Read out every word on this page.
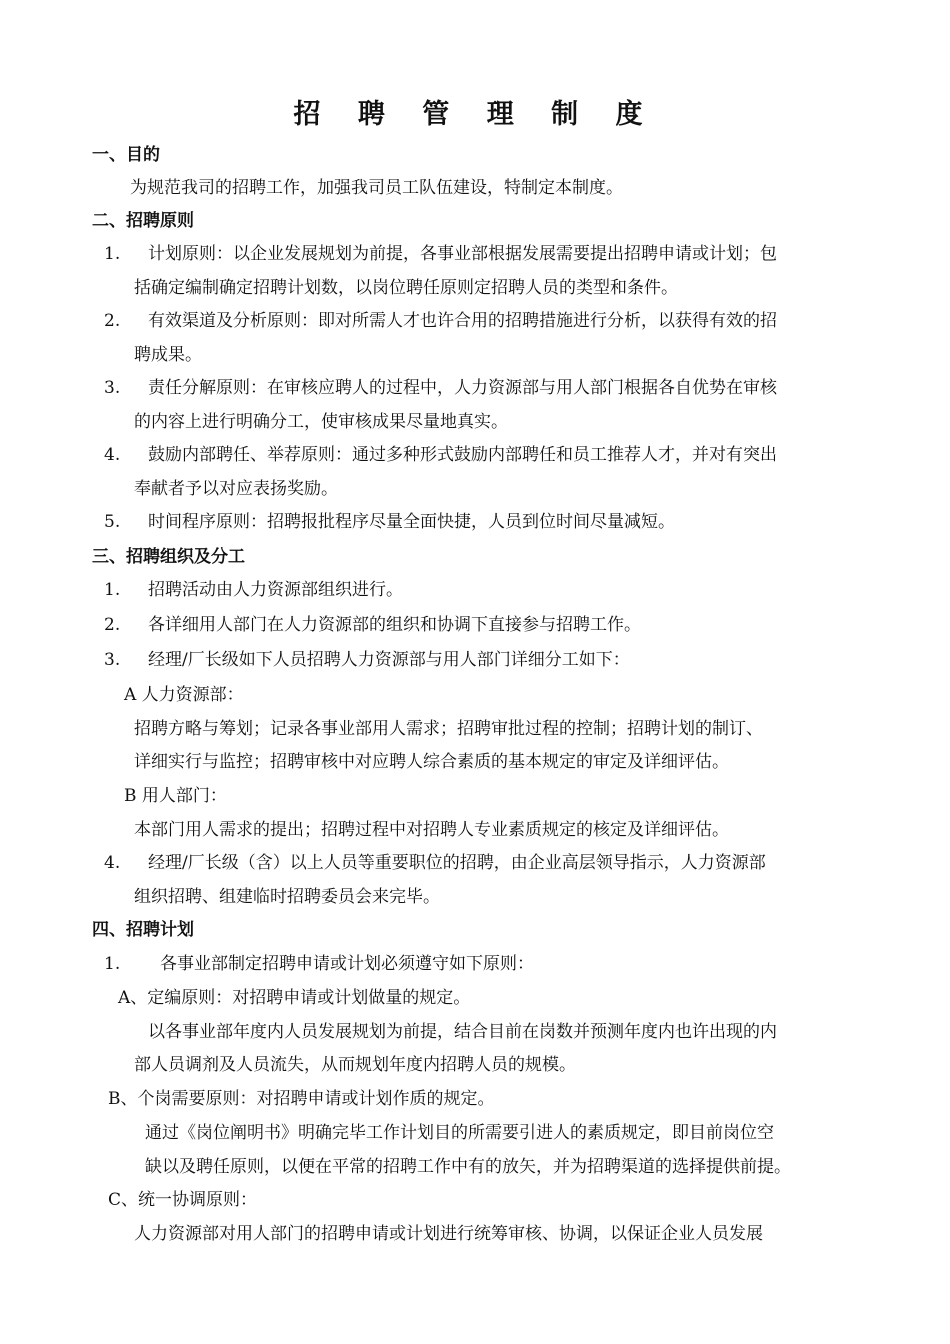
招 聘 管 理 制 度
一、目的
为规范我司的招聘工作，加强我司员工队伍建设，特制定本制度。
二、招聘原则
1. 计划原则：以企业发展规划为前提，各事业部根据发展需要提出招聘申请或计划；包
括确定编制确定招聘计划数，以岗位聘任原则定招聘人员的类型和条件。
2. 有效渠道及分析原则：即对所需人才也许合用的招聘措施进行分析，以获得有效的招
聘成果。
3. 责任分解原则：在审核应聘人的过程中，人力资源部与用人部门根据各自优势在审核
的内容上进行明确分工，使审核成果尽量地真实。
4. 鼓励内部聘任、举荐原则：通过多种形式鼓励内部聘任和员工推荐人才，并对有突出
奉献者予以对应表扬奖励。
5. 时间程序原则：招聘报批程序尽量全面快捷，人员到位时间尽量减短。
三、招聘组织及分工
1. 招聘活动由人力资源部组织进行。
2. 各详细用人部门在人力资源部的组织和协调下直接参与招聘工作。
3. 经理/厂长级如下人员招聘人力资源部与用人部门详细分工如下：
A 人力资源部：
招聘方略与筹划；记录各事业部用人需求；招聘审批过程的控制；招聘计划的制订、
详细实行与监控；招聘审核中对应聘人综合素质的基本规定的审定及详细评估。
B 用人部门：
本部门用人需求的提出；招聘过程中对招聘人专业素质规定的核定及详细评估。
4. 经理/厂长级（含）以上人员等重要职位的招聘，由企业高层领导指示，人力资源部
组织招聘、组建临时招聘委员会来完毕。
四、招聘计划
1. 各事业部制定招聘申请或计划必须遵守如下原则：
A、定编原则：对招聘申请或计划做量的规定。
以各事业部年度内人员发展规划为前提，结合目前在岗数并预测年度内也许出现的内
部人员调剂及人员流失，从而规划年度内招聘人员的规模。
B、个岗需要原则：对招聘申请或计划作质的规定。
通过《岗位阐明书》明确完毕工作计划目的所需要引进人的素质规定，即目前岗位空
缺以及聘任原则，以便在平常的招聘工作中有的放矢，并为招聘渠道的选择提供前提。
C、统一协调原则：
人力资源部对用人部门的招聘申请或计划进行统筹审核、协调，以保证企业人员发展
